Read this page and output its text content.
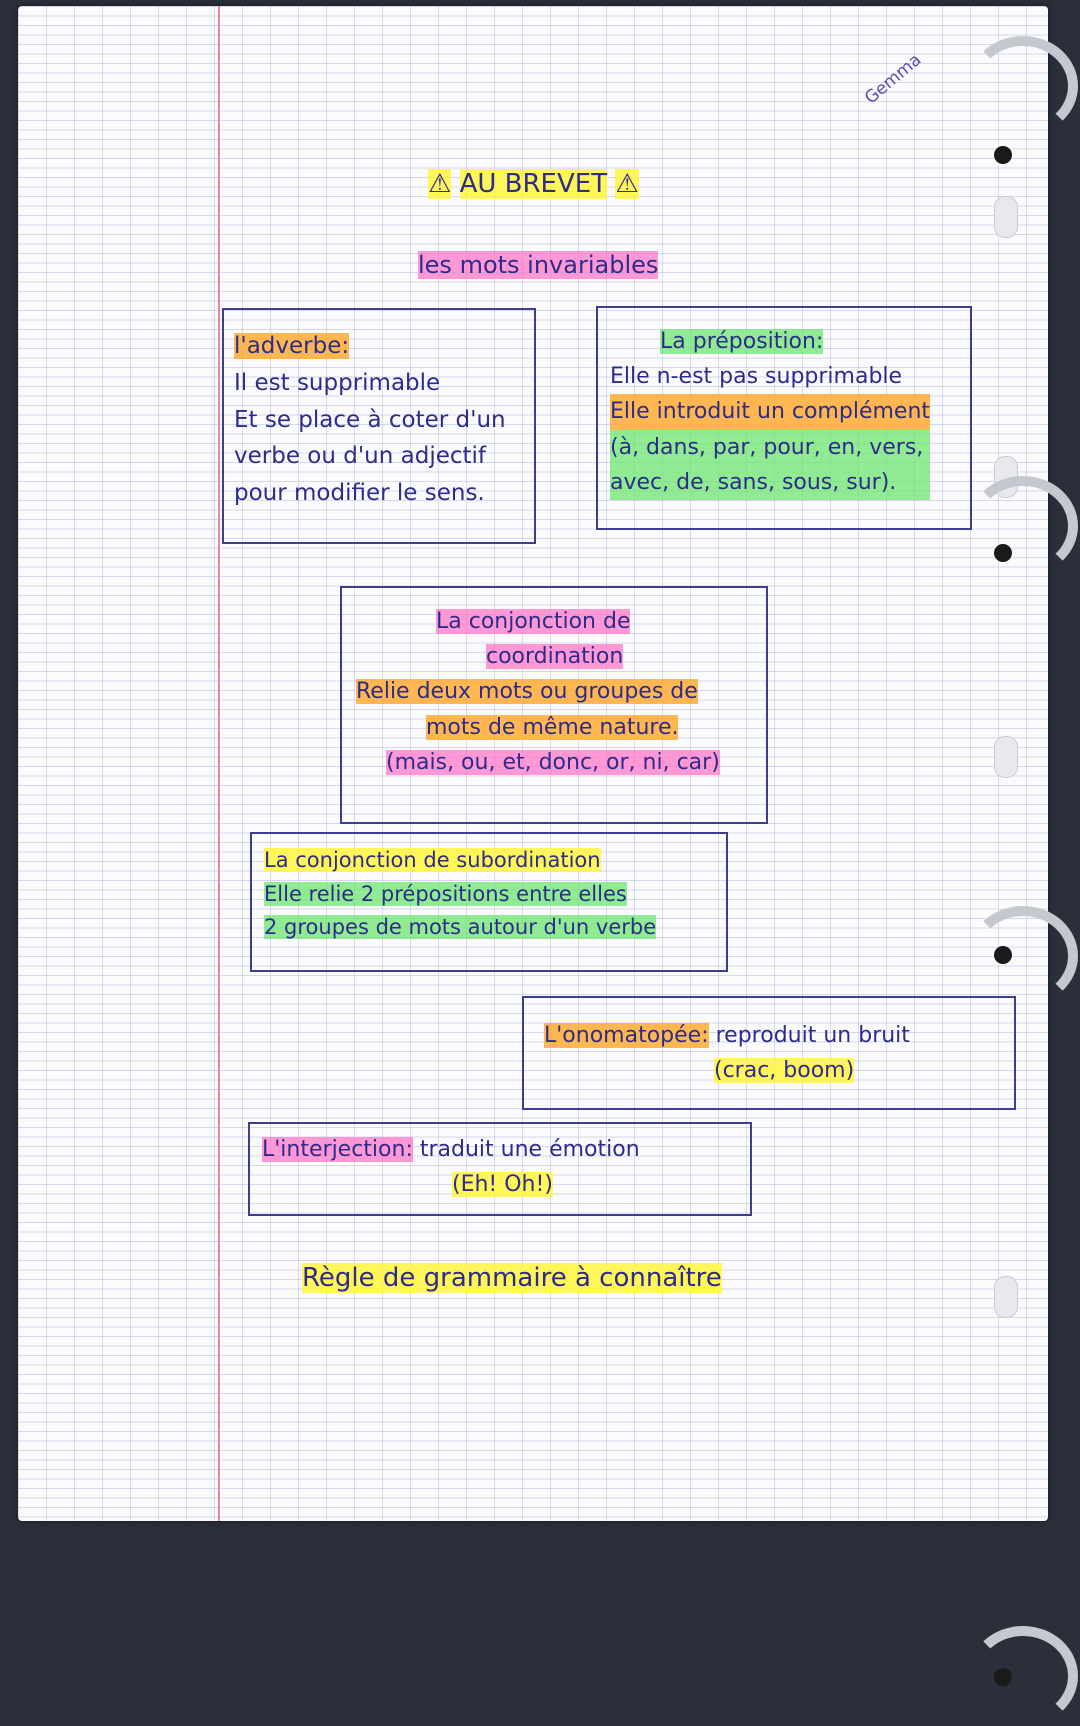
Gemma
⚠ AU BREVET ⚠
les mots invariables
l'adverbe:
Il est supprimable
Et se place à coter d'un
verbe ou d'un adjectif
pour modifier le sens.
La préposition:
Elle n-est pas supprimable
Elle introduit un complément
(à, dans, par, pour, en, vers,
avec, de, sans, sous, sur).
La conjonction de
coordination
Relie deux mots ou groupes de
mots de même nature.
(mais, ou, et, donc, or, ni, car)
La conjonction de subordination
Elle relie 2 prépositions entre elles
2 groupes de mots autour d'un verbe
L'onomatopée: reproduit un bruit
(crac, boom)
L'interjection: traduit une émotion
(Eh! Oh!)
Règle de grammaire à connaître
